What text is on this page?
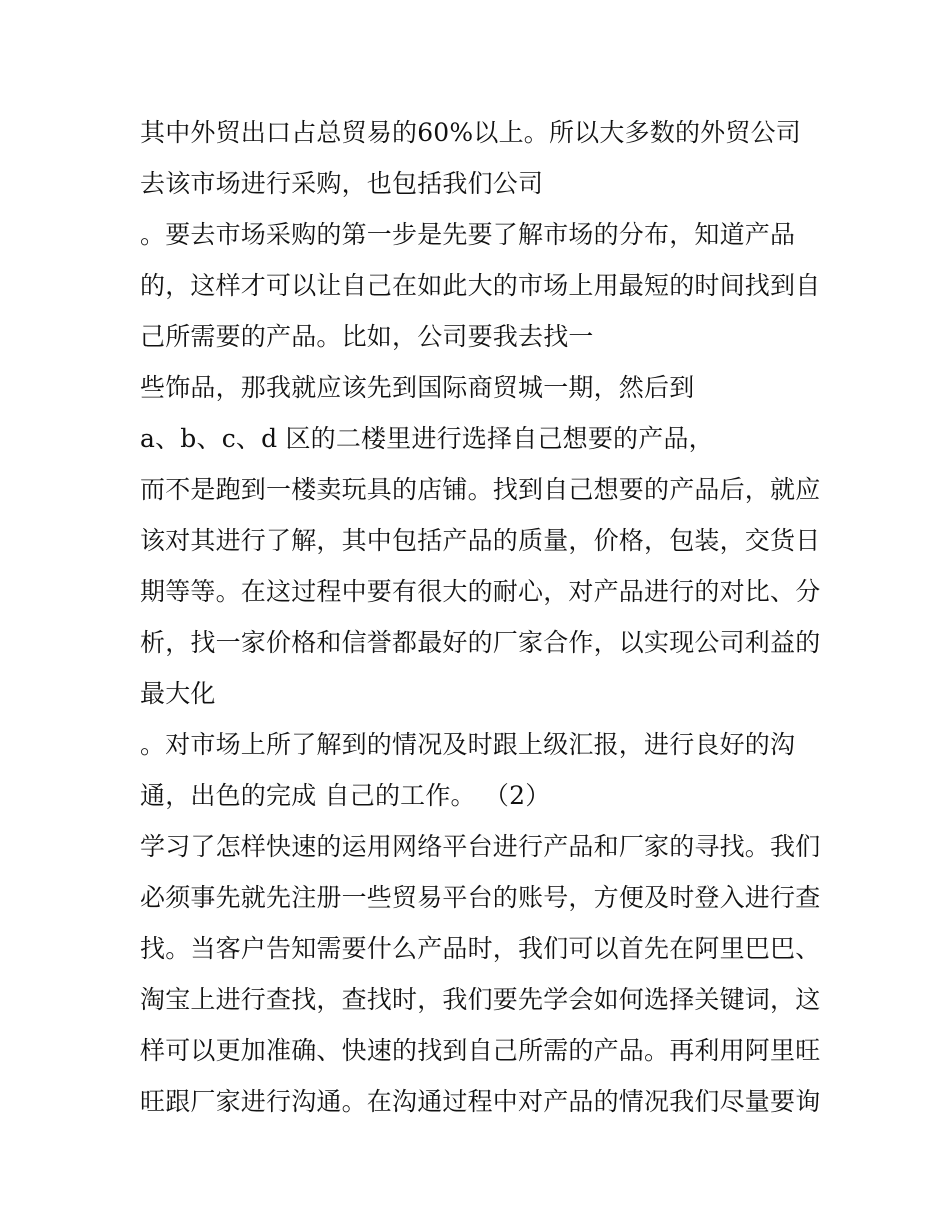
其中外贸出口占总贸易的60%以上。所以大多数的外贸公司
去该市场进行采购，也包括我们公司
。要去市场采购的第一步是先要了解市场的分布，知道产品
的，这样才可以让自己在如此大的市场上用最短的时间找到自
己所需要的产品。比如，公司要我去找一
些饰品，那我就应该先到国际商贸城一期，然后到
a、b、c、d 区的二楼里进行选择自己想要的产品，
而不是跑到一楼卖玩具的店铺。找到自己想要的产品后，就应
该对其进行了解，其中包括产品的质量，价格，包装，交货日
期等等。在这过程中要有很大的耐心，对产品进行的对比、分
析，找一家价格和信誉都最好的厂家合作，以实现公司利益的
最大化
。对市场上所了解到的情况及时跟上级汇报，进行良好的沟
通，出色的完成 自己的工作。 （2）
学习了怎样快速的运用网络平台进行产品和厂家的寻找。我们
必须事先就先注册一些贸易平台的账号，方便及时登入进行查
找。当客户告知需要什么产品时，我们可以首先在阿里巴巴、
淘宝上进行查找，查找时，我们要先学会如何选择关键词，这
样可以更加准确、快速的找到自己所需的产品。再利用阿里旺
旺跟厂家进行沟通。在沟通过程中对产品的情况我们尽量要询
